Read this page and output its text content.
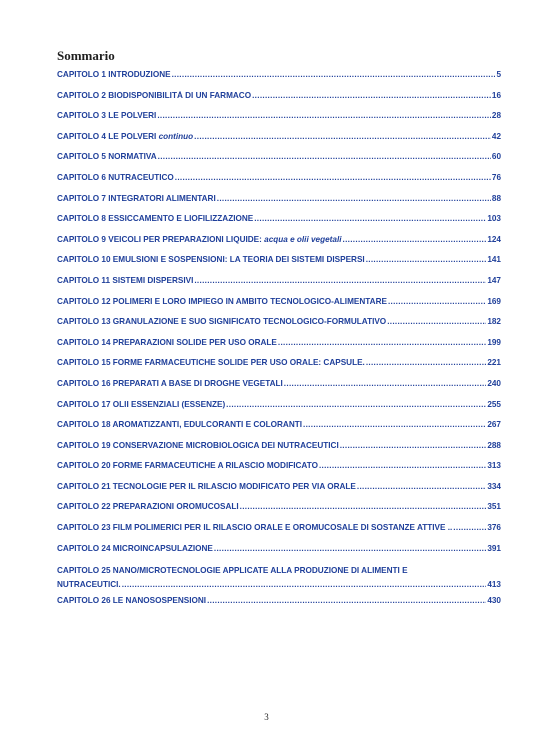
Sommario
CAPITOLO 1 INTRODUZIONE .....	5
CAPITOLO 2 BIODISPONIBILITÀ DI UN FARMACO .....	16
CAPITOLO 3 LE POLVERI .....	28
CAPITOLO 4 LE POLVERI continuo .....	42
CAPITOLO 5 NORMATIVA .....	60
CAPITOLO 6 NUTRACEUTICO .....	76
CAPITOLO 7 INTEGRATORI ALIMENTARI .....	88
CAPITOLO 8 ESSICCAMENTO E LIOFILIZZAZIONE .....	103
CAPITOLO 9 VEICOLI PER PREPARAZIONI LIQUIDE: acqua e olii vegetali .....	124
CAPITOLO 10 EMULSIONI E SOSPENSIONI: LA TEORIA DEI SISTEMI DISPERSI .....	141
CAPITOLO 11 SISTEMI DISPERSIVI .....	147
CAPITOLO 12 POLIMERI E LORO IMPIEGO IN AMBITO TECNOLOGICO-ALIMENTARE .....	169
CAPITOLO 13 GRANULAZIONE E SUO SIGNIFICATO TECNOLOGICO-FORMULATIVO .....	182
CAPITOLO 14 PREPARAZIONI SOLIDE PER USO ORALE .....	199
CAPITOLO 15 FORME FARMACEUTICHE SOLIDE PER USO ORALE: CAPSULE. .....	221
CAPITOLO 16 PREPARATI A BASE DI DROGHE VEGETALI .....	240
CAPITOLO 17 OLII ESSENZIALI (ESSENZE) .....	255
CAPITOLO 18 AROMATIZZANTI, EDULCORANTI E COLORANTI .....	267
CAPITOLO 19 CONSERVAZIONE MICROBIOLOGICA DEI NUTRACEUTICI .....	288
CAPITOLO 20 FORME FARMACEUTICHE A RILASCIO MODIFICATO .....	313
CAPITOLO 21 TECNOLOGIE PER IL RILASCIO MODIFICATO PER VIA ORALE .....	334
CAPITOLO 22 PREPARAZIONI OROMUCOSALI .....	351
CAPITOLO 23 FILM POLIMERICI PER IL RILASCIO ORALE E OROMUCOSALE DI SOSTANZE ATTIVE .. .....	376
CAPITOLO 24 MICROINCAPSULAZIONE .....	391
CAPITOLO 25 NANO/MICROTECNOLOGIE APPLICATE ALLA PRODUZIONE DI ALIMENTI E
NUTRACEUTICI. .....	413
CAPITOLO 26 LE NANOSOSPENSIONI .....	430
3
